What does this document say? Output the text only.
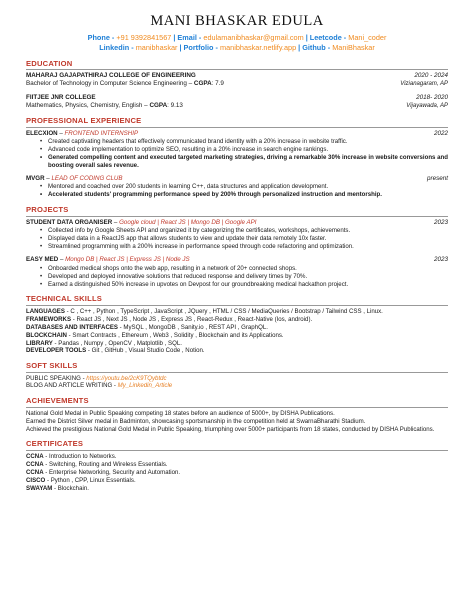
MANI BHASKAR EDULA
Phone - +91 9392841567 | Email - edulamanibhaskar@gmail.com | Leetcode - Mani_coder
Linkedin - manibhaskar | Portfolio - manibhaskar.netlify.app | Github - ManiBhaskar
EDUCATION
MAHARAJ GAJAPATHIRAJ COLLEGE OF ENGINEERING	2020 - 2024
Bachelor of Technology in Computer Science Engineering – CGPA: 7.9	Vizianagaram, AP
FIITJEE JNR COLLEGE	2018- 2020
Mathematics, Physics, Chemistry, English – CGPA: 9.13	Vijayawada, AP
PROFESSIONAL EXPERIENCE
ELECXION – FRONTEND INTERNSHIP	2022
• Created captivating headers that effectively communicated brand identity with a 20% increase in website traffic.
• Advanced code implementation to optimize SEO, resulting in a 20% increase in search engine rankings.
• Generated compelling content and executed targeted marketing strategies, driving a remarkable 30% increase in website conversions and boosting overall sales revenue.
MVGR – LEAD OF CODING CLUB	present
• Mentored and coached over 200 students in learning C++, data structures and application development.
• Accelerated students' programming performance speed by 200% through personalized instruction and mentorship.
PROJECTS
STUDENT DATA ORGANISER – Google cloud | React JS | Mongo DB | Google API	2023
• Collected info by Google Sheets API and organized it by categorizing the certificates, workshops, achievements.
• Displayed data in a ReactJS app that allows students to view and update their data remotely 10x faster.
• Streamlined programming with a 200% increase in performance speed through code refactoring and optimization.
EASY MED – Mongo DB | React JS | Express JS | Node JS	2023
• Onboarded medical shops onto the web app, resulting in a network of 20+ connected shops.
• Developed and deployed innovative solutions that reduced response and delivery times by 70%.
• Earned a distinguished 50% increase in upvotes on Devpost for our groundbreaking medical hackathon project.
TECHNICAL SKILLS
LANGUAGES - C , C++ , Python , TypeScript , JavaScript , JQuery , HTML / CSS / MediaQueries / Bootstrap / Tailwind CSS , Linux.
FRAMEWORKS - React JS , Next JS , Node JS , Express JS , React-Redux , React-Native (Ios, android).
DATABASES AND INTERFACES - MySQL , MongoDB , Sanity.io , REST API , GraphQL.
BLOCKCHAIN - Smart Contracts , Ethereum , Web3 , Solidity , Blockchain and its Applications.
LIBRARY - Pandas , Numpy , OpenCV , Matplotlib , SQL.
DEVELOPER TOOLS - Git , GitHub , Visual Studio Code , Notion.
SOFT SKILLS
PUBLIC SPEAKING - https://youtu.be/2cK9TQybtdc
BLOG AND ARTICLE WRITING - My_Linkedin_Article
ACHIEVEMENTS
National Gold Medal in Public Speaking competing 18 states before an audience of 5000+, by DISHA Publications.
Earned the District Silver medal in Badminton, showcasing sportsmanship in the competition held at SwarnaBharathi Stadium.
Achieved the prestigious National Gold Medal in Public Speaking, triumphing over 5000+ participants from 18 states, conducted by DISHA Publications.
CERTIFICATES
CCNA - Introduction to Networks.
CCNA - Switching, Routing and Wireless Essentials.
CCNA - Enterprise Networking, Security and Automation.
CISCO - Python , CPP, Linux Essentials.
SWAYAM - Blockchain.
